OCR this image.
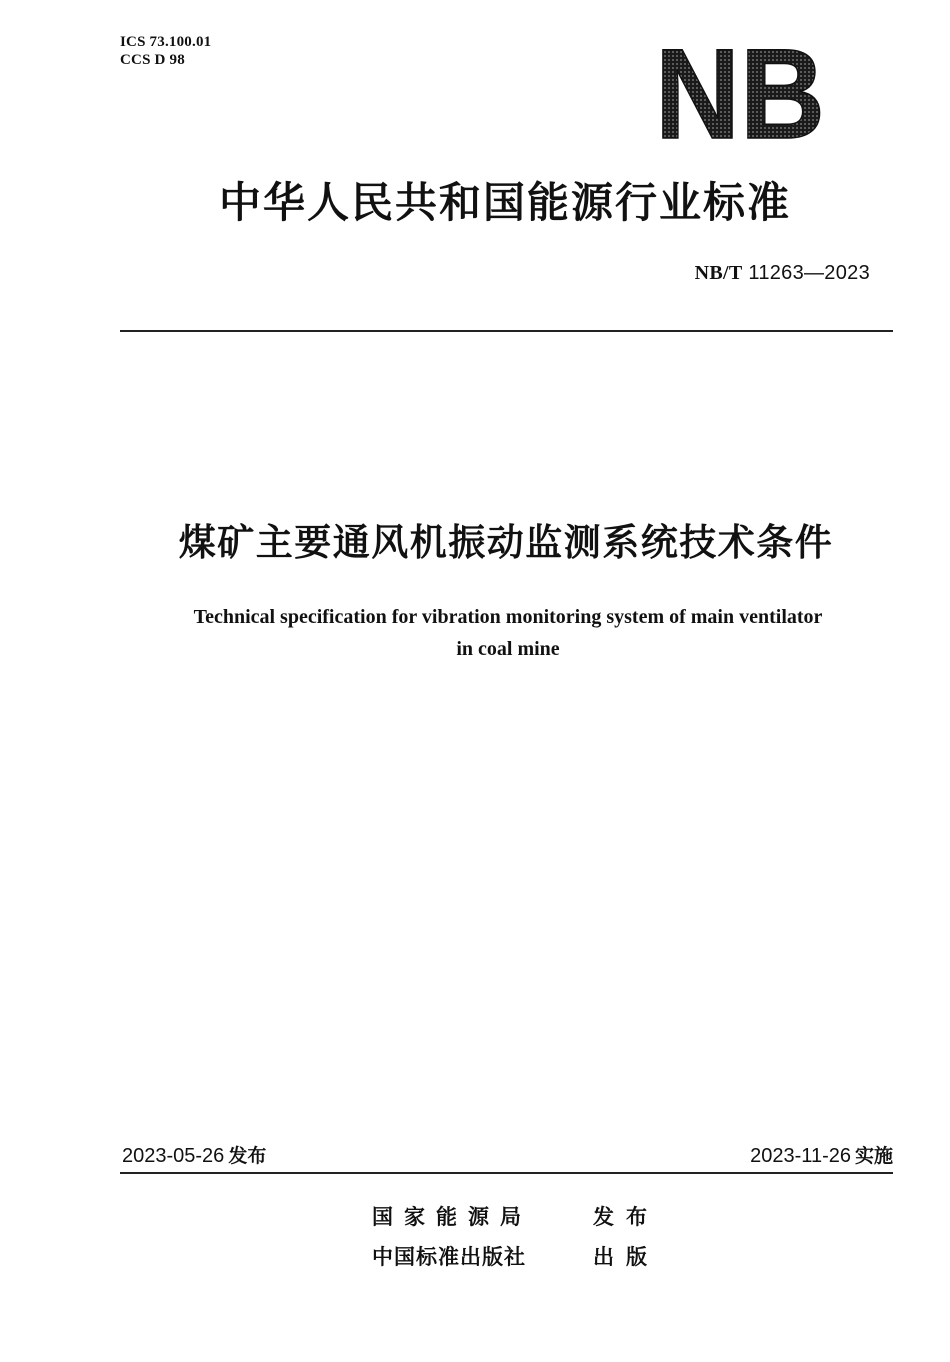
ICS 73.100.01
CCS D 98	NB
中华人民共和国能源行业标准
NB/T 11263—2023
煤矿主要通风机振动监测系统技术条件
Technical specification for vibration monitoring system of main ventilator
in coal mine
2023-05-26 发布	2023-11-26 实施
国家能源局	发布
中国标准出版社	出版
